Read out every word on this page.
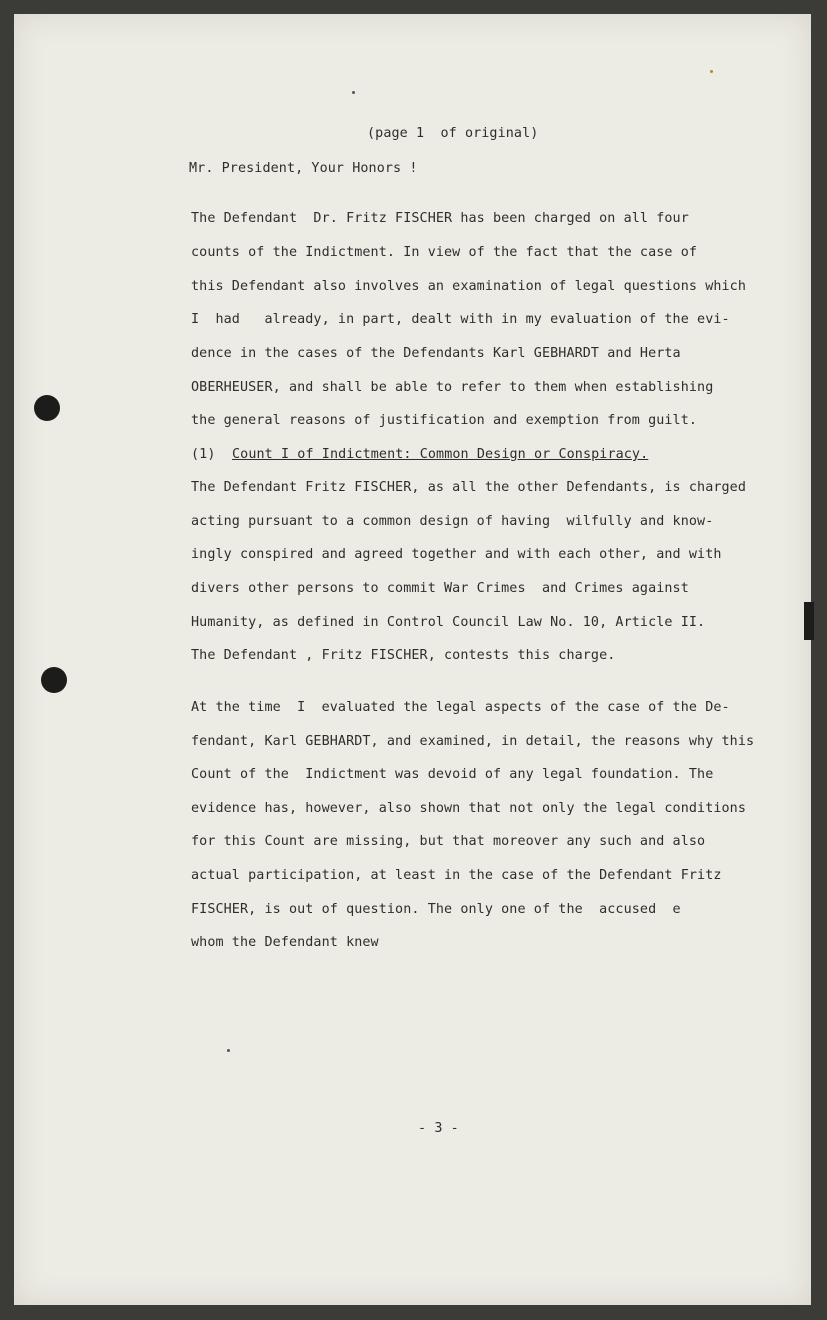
(page 1  of original)
Mr. President, Your Honors !
The Defendant  Dr. Fritz FISCHER has been charged on all four
counts of the Indictment. In view of the fact that the case of
this Defendant also involves an examination of legal questions which
I  had   already, in part, dealt with in my evaluation of the evi-
dence in the cases of the Defendants Karl GEBHARDT and Herta
OBERHEUSER, and shall be able to refer to them when establishing
the general reasons of justification and exemption from guilt.
(1) Count I of Indictment: Common Design or Conspiracy.
The Defendant Fritz FISCHER, as all the other Defendants, is charged
acting pursuant to a common design of having  wilfully and know-
ingly conspired and agreed together and with each other, and with
divers other persons to commit War Crimes  and Crimes against
Humanity, as defined in Control Council Law No. 10, Article II.
The Defendant , Fritz FISCHER, contests this charge.
At the time  I  evaluated the legal aspects of the case of the De-
fendant, Karl GEBHARDT, and examined, in detail, the reasons why this
Count of the  Indictment was devoid of any legal foundation. The
evidence has, however, also shown that not only the legal conditions
for this Count are missing, but that moreover any such and also
actual participation, at least in the case of the Defendant Fritz
FISCHER, is out of question. The only one of the  accused  e
whom the Defendant knew
- 3 -
